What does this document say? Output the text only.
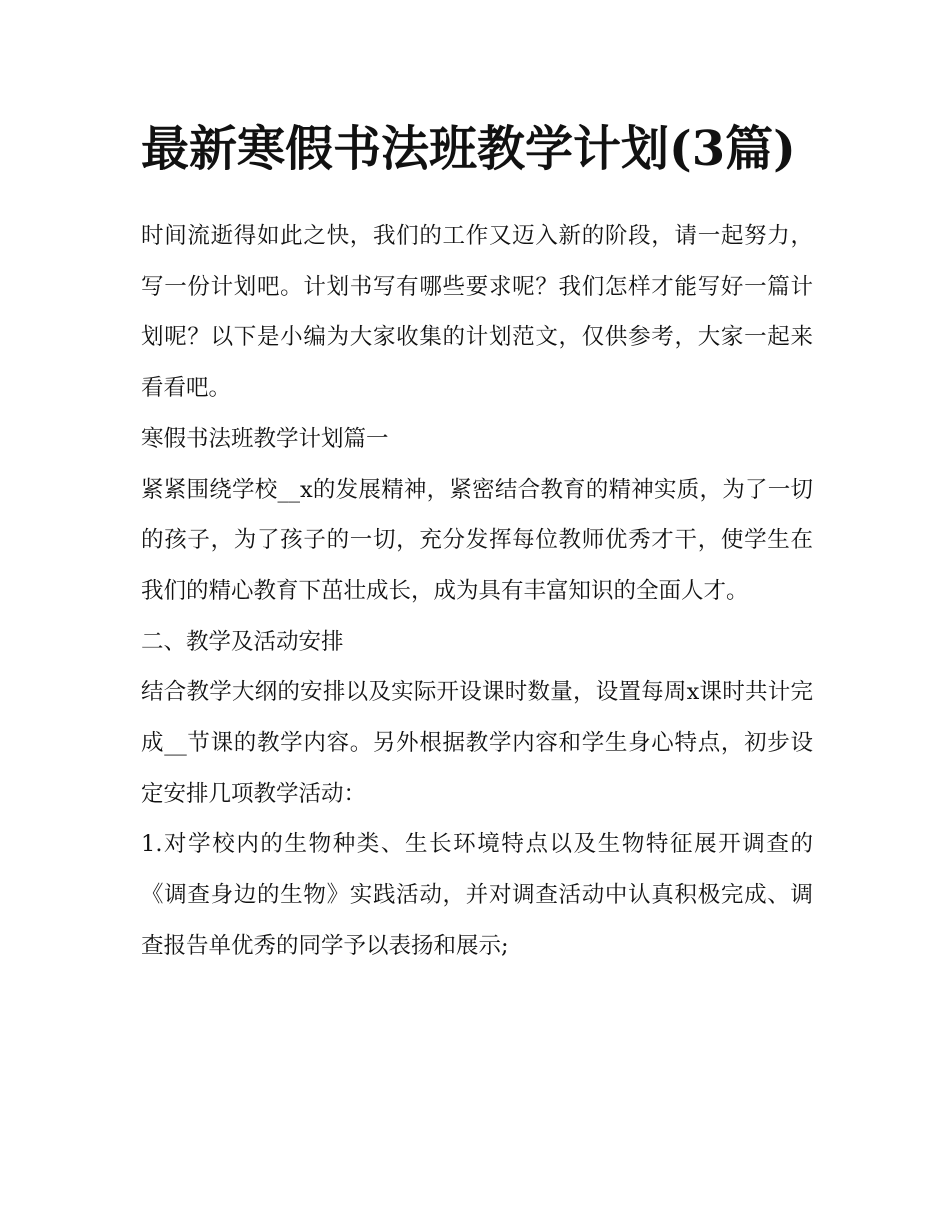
最新寒假书法班教学计划(3篇)

时间流逝得如此之快，我们的工作又迈入新的阶段，请一起努力，写一份计划吧。计划书写有哪些要求呢？我们怎样才能写好一篇计划呢？以下是小编为大家收集的计划范文，仅供参考，大家一起来看看吧。

寒假书法班教学计划篇一

紧紧围绕学校__x的发展精神，紧密结合教育的精神实质，为了一切的孩子，为了孩子的一切，充分发挥每位教师优秀才干，使学生在我们的精心教育下茁壮成长，成为具有丰富知识的全面人才。

二、教学及活动安排

结合教学大纲的安排以及实际开设课时数量，设置每周x课时共计完成__节课的教学内容。另外根据教学内容和学生身心特点，初步设定安排几项教学活动：

1.对学校内的生物种类、生长环境特点以及生物特征展开调查的《调查身边的生物》实践活动，并对调查活动中认真积极完成、调查报告单优秀的同学予以表扬和展示;
